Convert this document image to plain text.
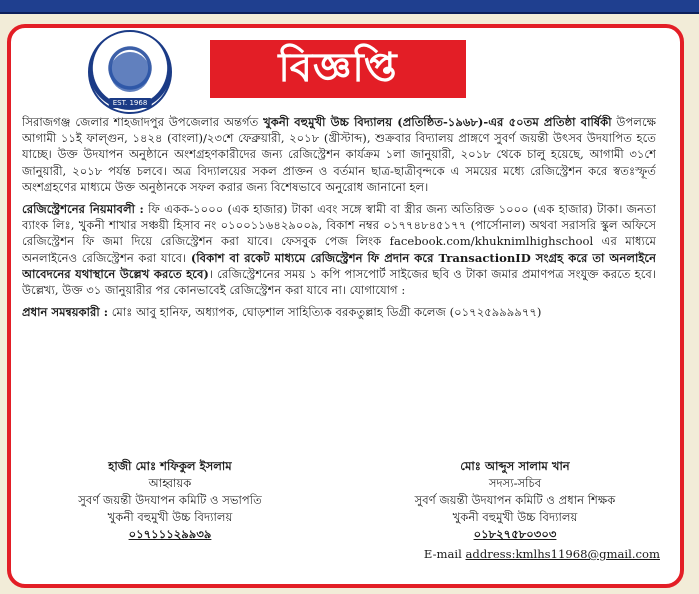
EST. 1968
বিজ্ঞপ্তি

সিরাজগঞ্জ জেলার শাহজাদপুর উপজেলার অন্তর্গত খুকনী বহুমুখী উচ্চ বিদ্যালয় (প্রতিষ্ঠিত-১৯৬৮)-এর ৫০তম প্রতিষ্ঠা বার্ষিকী উপলক্ষে আগামী ১১ই ফাল্গুন, ১৪২৪ (বাংলা)/২৩শে ফেব্রুয়ারী, ২০১৮ (খ্রীস্টাব্দ), শুক্রবার বিদ্যালয় প্রাঙ্গণে সুবর্ণ জয়ন্তী উৎসব উদযাপিত হতে যাচ্ছে। উক্ত উদযাপন অনুষ্ঠানে অংশগ্রহণকারীদের জন্য রেজিস্ট্রেশন কার্যক্রম ১লা জানুয়ারী, ২০১৮ থেকে চালু হয়েছে, আগামী ৩১শে জানুয়ারী, ২০১৮ পর্যন্ত চলবে। অত্র বিদ্যালয়ের সকল প্রাক্তন ও বর্তমান ছাত্র-ছাত্রীবৃন্দকে এ সময়ের মধ্যে রেজিস্ট্রেশন করে স্বতঃস্ফূর্ত অংশগ্রহণের মাধ্যমে উক্ত অনুষ্ঠানকে সফল করার জন্য বিশেষভাবে অনুরোধ জানানো হল।

রেজিস্ট্রেশনের নিয়মাবলী : ফি একক-১০০০ (এক হাজার) টাকা এবং সঙ্গে স্বামী বা স্ত্রীর জন্য অতিরিক্ত ১০০০ (এক হাজার) টাকা। জনতা ব্যাংক লিঃ, খুকনী শাখার সঞ্চয়ী হিসাব নং ০১০০১১৬৪২৯০০৯, বিকাশ নম্বর ০১৭৭৪৮৪৫১৭৭ (পার্সোনাল) অথবা সরাসরি স্কুল অফিসে রেজিস্ট্রেশন ফি জমা দিয়ে রেজিস্ট্রেশন করা যাবে। ফেসবুক পেজ লিংক facebook.com/khuknimlhighschool এর মাধ্যমে অনলাইনেও রেজিস্ট্রেশন করা যাবে। (বিকাশ বা রকেট মাধ্যমে রেজিস্ট্রেশন ফি প্রদান করে TransactionID সংগ্রহ করে তা অনলাইনে আবেদনের যথাস্থানে উল্লেখ করতে হবে)। রেজিস্ট্রেশনের সময় ১ কপি পাসপোর্ট সাইজের ছবি ও টাকা জমার প্রমাণপত্র সংযুক্ত করতে হবে। উল্লেখ্য, উক্ত ৩১ জানুয়ারীর পর কোনভাবেই রেজিস্ট্রেশন করা যাবে না। যোগাযোগ :

প্রধান সমন্বয়কারী : মোঃ আবু হানিফ, অধ্যাপক, ঘোড়শাল সাহিত্যিক বরকতুল্লাহ ডিগ্রী কলেজ (০১৭২৫৯৯৯৯৭৭)

হাজী মোঃ শফিকুল ইসলাম
আহ্বায়ক
সুবর্ণ জয়ন্তী উদযাপন কমিটি ও সভাপতি
খুকনী বহুমুখী উচ্চ বিদ্যালয়
০১৭১১১২৯৯৩৯
মোঃ আব্দুস সালাম খান
সদস্য-সচিব
সুবর্ণ জয়ন্তী উদযাপন কমিটি ও প্রধান শিক্ষক
খুকনী বহুমুখী উচ্চ বিদ্যালয়
০১৮২৭৫৮০৩০৩
E-mail address:kmlhs11968@gmail.com
